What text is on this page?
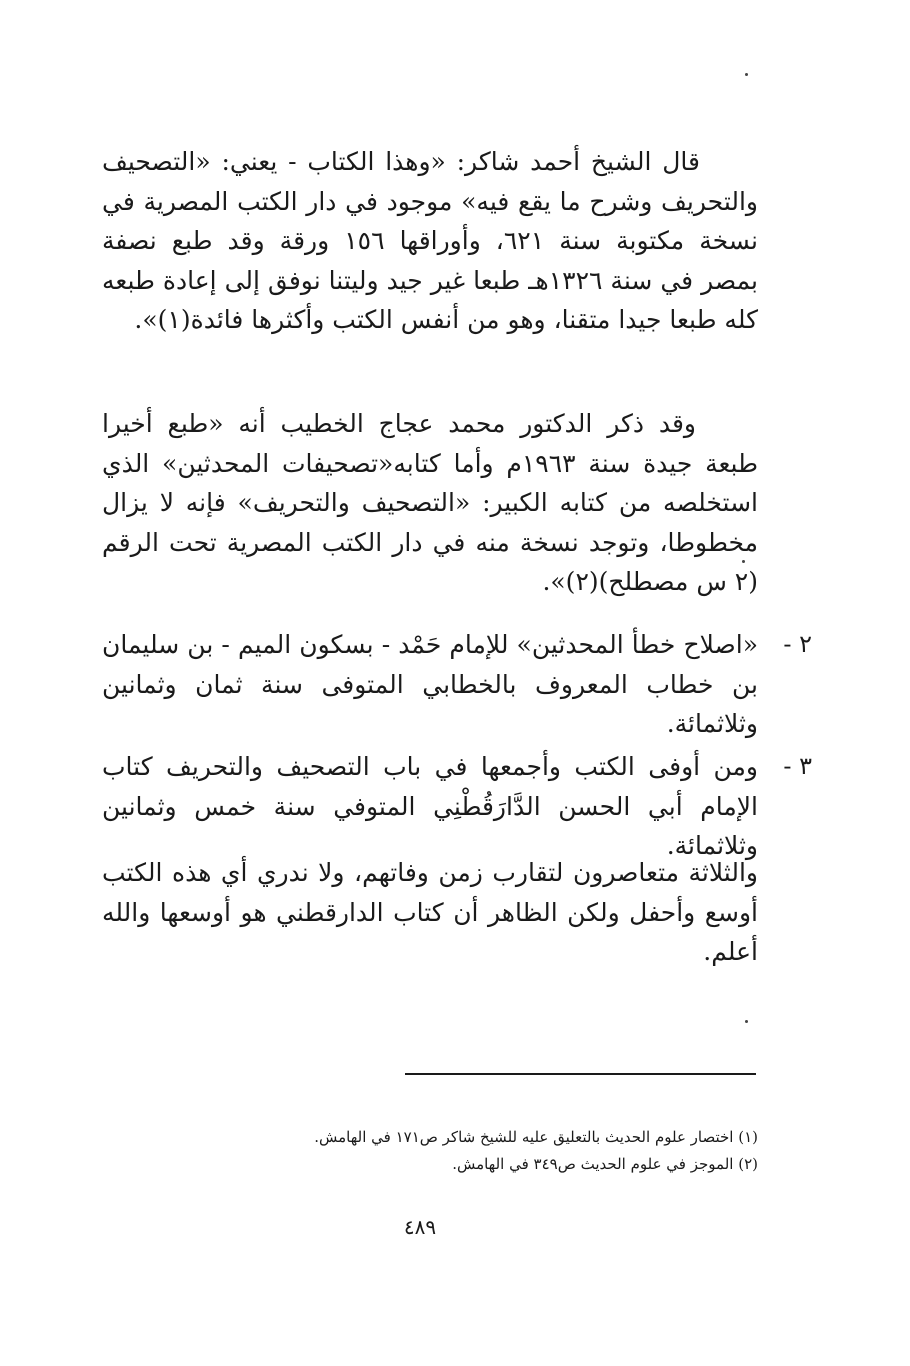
قال الشيخ أحمد شاكر: «وهذا الكتاب - يعني: «التصحيف والتحريف وشرح ما يقع فيه» موجود في دار الكتب المصرية في نسخة مكتوبة سنة ٦٢١، وأوراقها ١٥٦ ورقة وقد طبع نصفة بمصر في سنة ١٣٢٦هـ طبعا غير جيد وليتنا نوفق إلى إعادة طبعه كله طبعا جيدا متقنا، وهو من أنفس الكتب وأكثرها فائدة(١)».

وقد ذكر الدكتور محمد عجاج الخطيب أنه «طبع أخيرا طبعة جيدة سنة ١٩٦٣م وأما كتابه«تصحيفات المحدثين» الذي استخلصه من كتابه الكبير: «التصحيف والتحريف» فإنه لا يزال مخطوطا، وتوجد نسخة منه في دار الكتب المصرية تحت الرقم (٢ س مصطلح)(٢)».

٢ -

«اصلاح خطأ المحدثين» للإمام حَمْد - بسكون الميم - بن سليمان بن خطاب المعروف بالخطابي المتوفى سنة ثمان وثمانين وثلاثمائة.

٣ -

ومن أوفى الكتب وأجمعها في باب التصحيف والتحريف كتاب الإمام أبي الحسن الدَّارَقُطْنِي المتوفي سنة خمس وثمانين وثلاثمائة.

والثلاثة متعاصرون لتقارب زمن وفاتهم، ولا ندري أي هذه الكتب أوسع وأحفل ولكن الظاهر أن كتاب الدارقطني هو أوسعها والله أعلم.

(١) اختصار علوم الحديث بالتعليق عليه للشيخ شاكر ص١٧١ في الهامش.
(٢) الموجز في علوم الحديث ص٣٤٩ في الهامش.
٤٨٩
